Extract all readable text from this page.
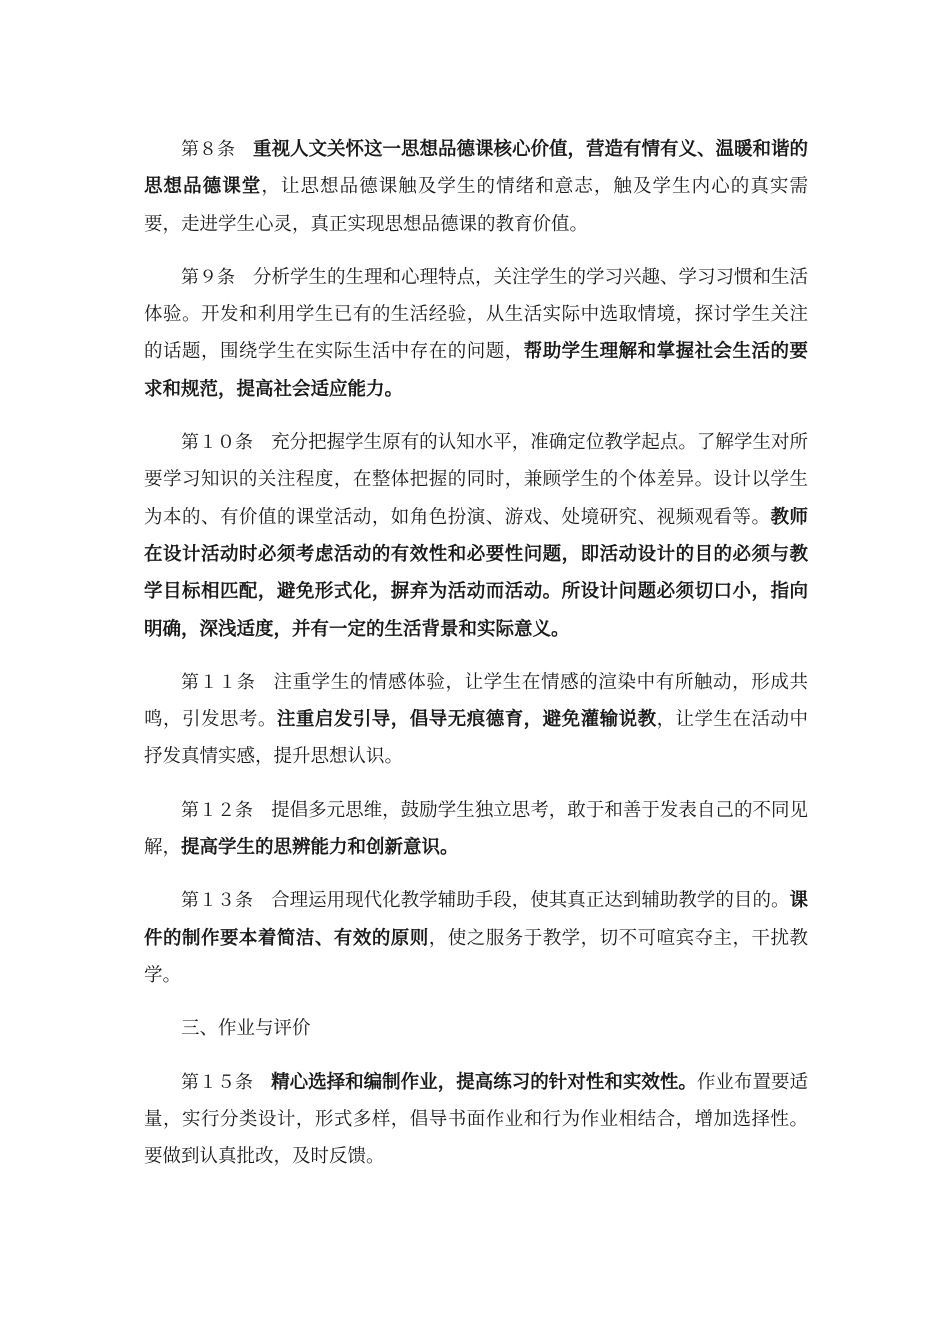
第８条 重视人文关怀这一思想品德课核心价值，营造有情有义、温暖和谐的思想品德课堂，让思想品德课触及学生的情绪和意志，触及学生内心的真实需要，走进学生心灵，真正实现思想品德课的教育价值。

第９条 分析学生的生理和心理特点，关注学生的学习兴趣、学习习惯和生活体验。开发和利用学生已有的生活经验，从生活实际中选取情境，探讨学生关注的话题，围绕学生在实际生活中存在的问题，帮助学生理解和掌握社会生活的要求和规范，提高社会适应能力。

第１０条 充分把握学生原有的认知水平，准确定位教学起点。了解学生对所要学习知识的关注程度，在整体把握的同时，兼顾学生的个体差异。设计以学生为本的、有价值的课堂活动，如角色扮演、游戏、处境研究、视频观看等。教师在设计活动时必须考虑活动的有效性和必要性问题，即活动设计的目的必须与教学目标相匹配，避免形式化，摒弃为活动而活动。所设计问题必须切口小，指向明确，深浅适度，并有一定的生活背景和实际意义。

第１１条 注重学生的情感体验，让学生在情感的渲染中有所触动，形成共鸣，引发思考。注重启发引导，倡导无痕德育，避免灌输说教，让学生在活动中抒发真情实感，提升思想认识。

第１２条 提倡多元思维，鼓励学生独立思考，敢于和善于发表自己的不同见解，提高学生的思辨能力和创新意识。

第１３条 合理运用现代化教学辅助手段，使其真正达到辅助教学的目的。课件的制作要本着简洁、有效的原则，使之服务于教学，切不可喧宾夺主，干扰教学。

三、作业与评价

第１５条 精心选择和编制作业，提高练习的针对性和实效性。作业布置要适量，实行分类设计，形式多样，倡导书面作业和行为作业相结合，增加选择性。要做到认真批改，及时反馈。
